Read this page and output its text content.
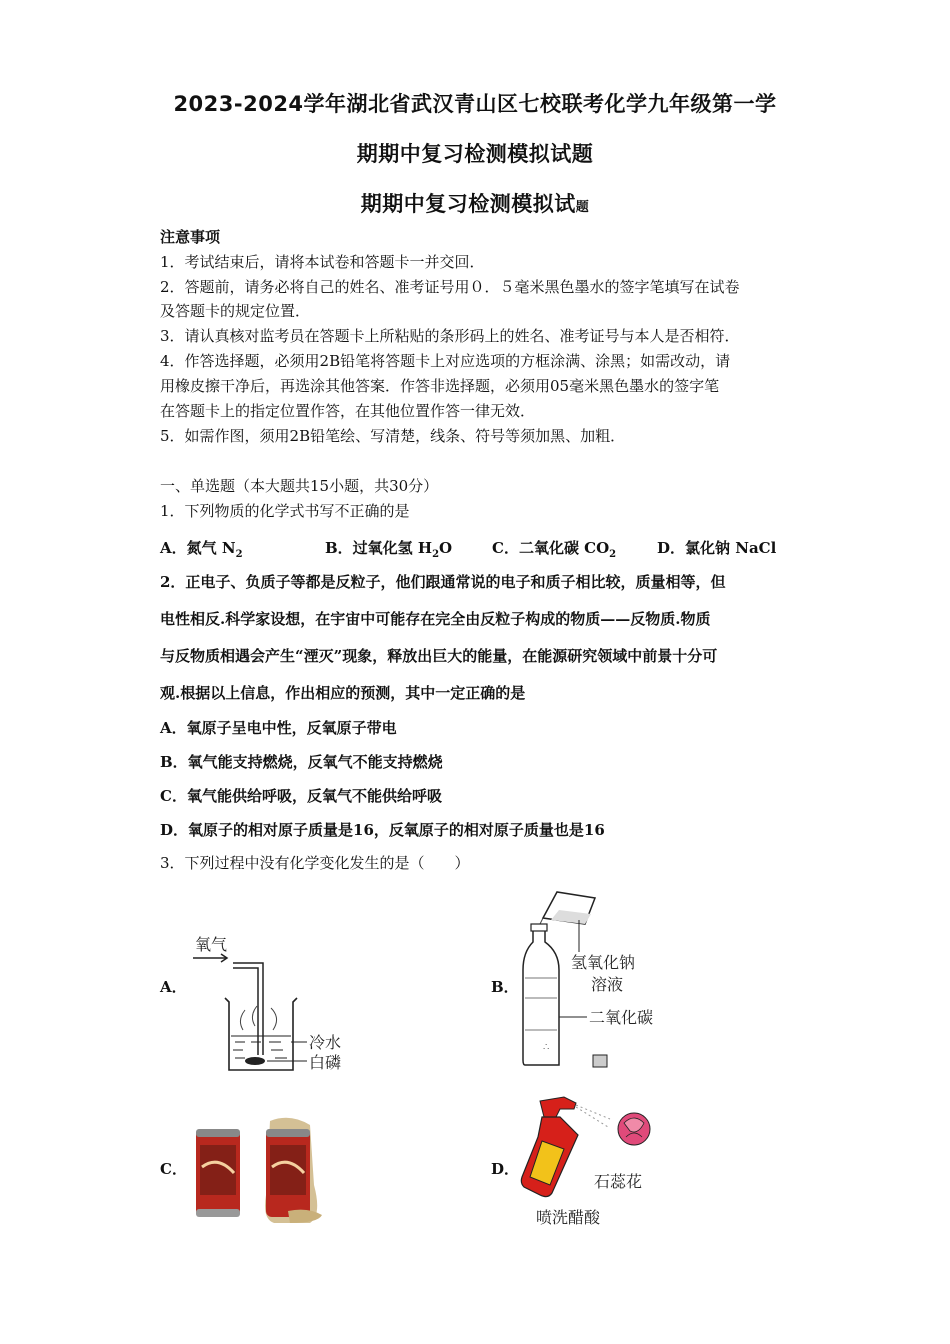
2023-2024学年湖北省武汉青山区七校联考化学九年级第一学
期期中复习检测模拟试题
期期中复习检测模拟试题
注意事项
1．考试结束后，请将本试卷和答题卡一并交回．
2．答题前，请务必将自己的姓名、准考证号用０．５毫米黑色墨水的签字笔填写在试卷
及答题卡的规定位置．
3．请认真核对监考员在答题卡上所粘贴的条形码上的姓名、准考证号与本人是否相符．
4．作答选择题，必须用2B铅笔将答题卡上对应选项的方框涂满、涂黑；如需改动，请
用橡皮擦干净后，再选涂其他答案．作答非选择题，必须用05毫米黑色墨水的签字笔
在答题卡上的指定位置作答，在其他位置作答一律无效．
5．如需作图，须用2B铅笔绘、写清楚，线条、符号等须加黑、加粗．
一、单选题（本大题共15小题，共30分）
1．下列物质的化学式书写不正确的是
A．氮气 $N_2$	B．过氧化氢 $H_2O$	C．二氧化碳 $CO_2$	D．氯化钠 NaCl
2．正电子、负质子等都是反粒子，他们跟通常说的电子和质子相比较，质量相等，但
电性相反.科学家设想，在宇宙中可能存在完全由反粒子构成的物质——反物质.物质
与反物质相遇会产生“湮灭”现象，释放出巨大的能量，在能源研究领域中前景十分可
观.根据以上信息，作出相应的预测，其中一定正确的是
A．氧原子呈电中性，反氧原子带电
B．氧气能支持燃烧，反氧气不能支持燃烧
C．氧气能供给呼吸，反氧气不能供给呼吸
D．氧原子的相对原子质量是16，反氧原子的相对原子质量也是16
3．下列过程中没有化学变化发生的是（　　）
A．	B．
C．	D．
氧气
冷水
白磷
∴
氢氧化钠
溶液
二氧化碳
石蕊花
喷洗醋酸
